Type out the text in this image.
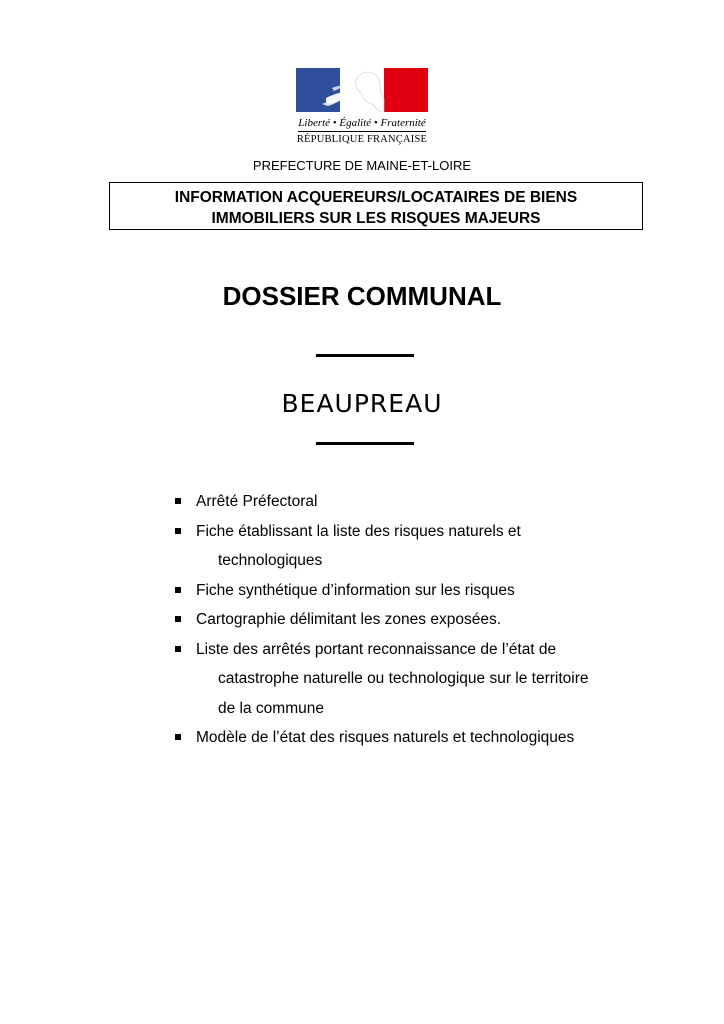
Liberté • Égalité • Fraternité
RÉPUBLIQUE FRANÇAISE
PREFECTURE DE MAINE-ET-LOIRE
INFORMATION ACQUEREURS/LOCATAIRES DE BIENS
IMMOBILIERS SUR LES RISQUES MAJEURS
DOSSIER COMMUNAL
BEAUPREAU
Arrêté Préfectoral
Fiche établissant la liste des risques naturels et
technologiques
Fiche synthétique d’information sur les risques
Cartographie délimitant les zones exposées.
Liste des arrêtés portant reconnaissance de l’état de
catastrophe naturelle ou technologique sur le territoire
de la commune
Modèle de l’état des risques naturels et technologiques
